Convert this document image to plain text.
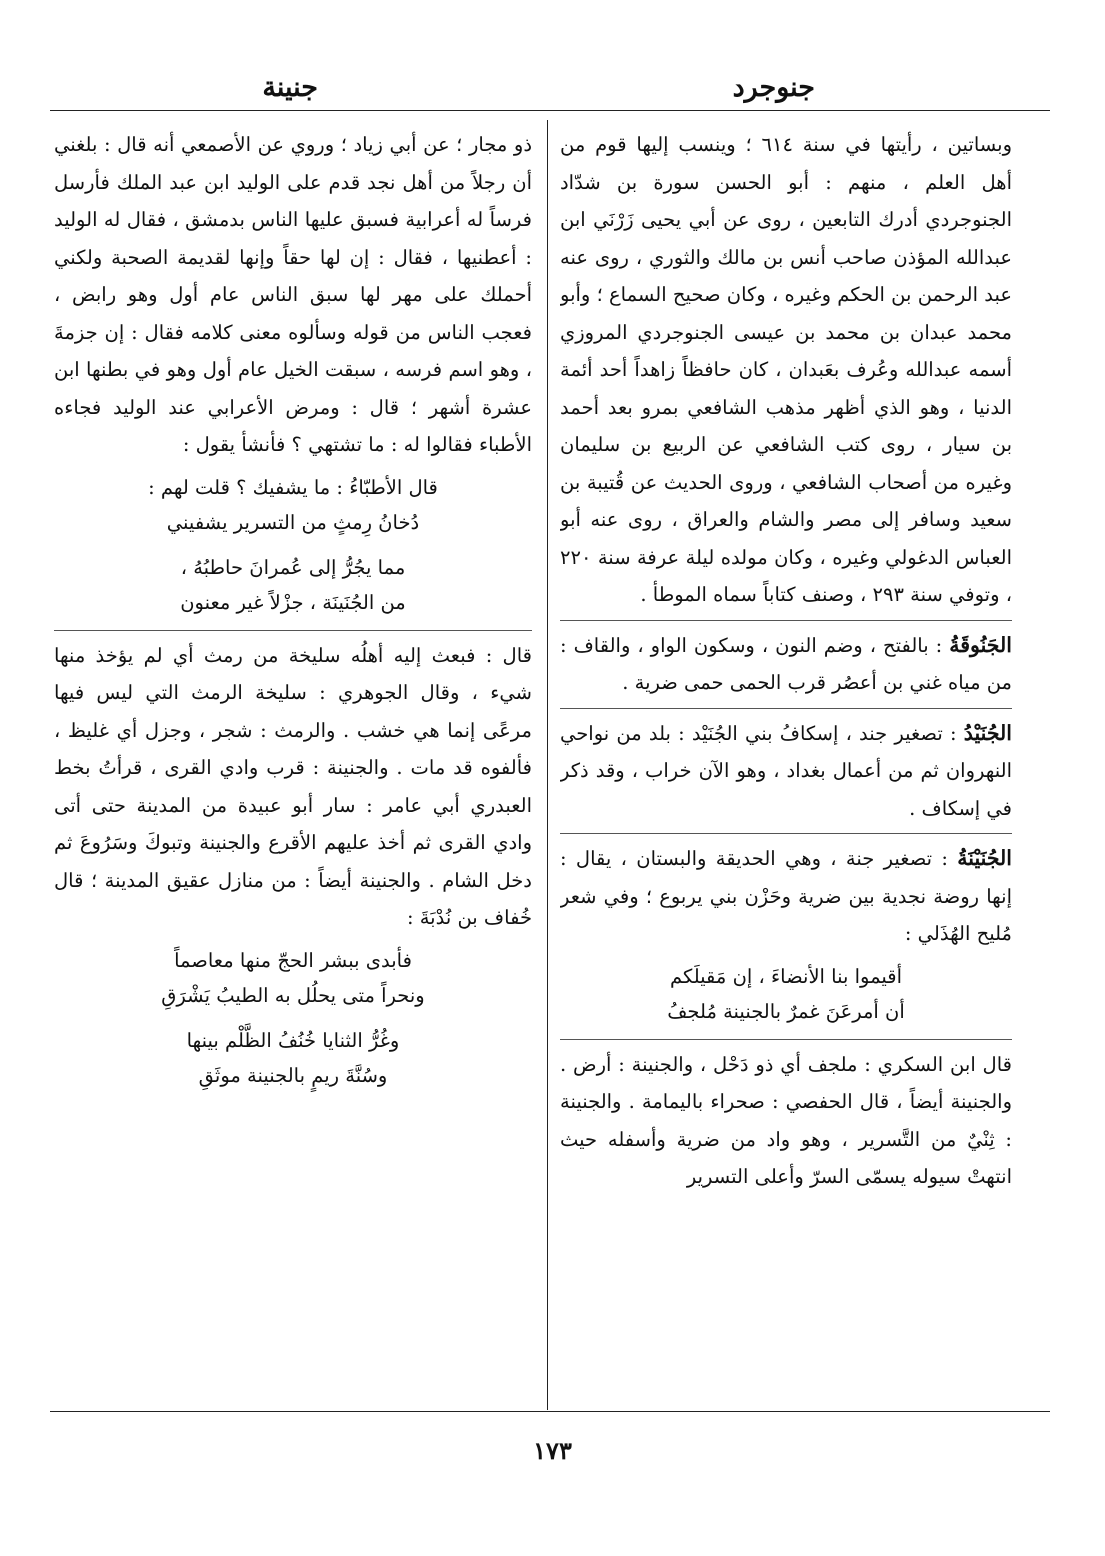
جنوجرد
جنينة

وبساتين ، رأيتها في سنة ٦١٤ ؛ وينسب إليها قوم من أهل العلم ، منهم : أبو الحسن سورة بن شدّاد الجنوجردي أدرك التابعين ، روى عن أبي يحيى زَرْنَي ابن عبدالله المؤذن صاحب أنس بن مالك والثوري ، روى عنه عبد الرحمن بن الحكم وغيره ، وكان صحيح السماع ؛ وأبو محمد عبدان بن محمد بن عيسى الجنوجردي المروزي أسمه عبدالله وعُرف بعَبدان ، كان حافظاً زاهداً أحد أئمة الدنيا ، وهو الذي أظهر مذهب الشافعي بمرو بعد أحمد بن سيار ، روى كتب الشافعي عن الربيع بن سليمان وغيره من أصحاب الشافعي ، وروى الحديث عن قُتيبة بن سعيد وسافر إلى مصر والشام والعراق ، روى عنه أبو العباس الدغولي وغيره ، وكان مولده ليلة عرفة سنة ٢٢٠ ، وتوفي سنة ٢٩٣ ، وصنف كتاباً سماه الموطأ .

الجَنُوقَةُ : بالفتح ، وضم النون ، وسكون الواو ، والقاف : من مياه غني بن أعصُر قرب الحمى حمى ضرية .

الجُنَيْدُ : تصغير جند ، إسكافُ بني الجُنَيْد : بلد من نواحي النهروان ثم من أعمال بغداد ، وهو الآن خراب ، وقد ذكر في إسكاف .

الجُنَيْنَةُ : تصغير جنة ، وهي الحديقة والبستان ، يقال : إنها روضة نجدية بين ضرية وحَزْن بني يربوع ؛ وفي شعر مُليح الهُذَلي :

أقيموا بنا الأنضاءَ ، إن مَقيلَكم
أن أمرعَنَ غمرٌ بالجنينة مُلجفُ

قال ابن السكري : ملجف أي ذو دَحْل ، والجنينة : أرض . والجنينة أيضاً ، قال الحفصي : صحراء باليمامة . والجنينة : ثِنْيٌ من التَّسرير ، وهو واد من ضرية وأسفله حيث انتهتْ سيوله يسمّى السرّ وأعلى التسرير

ذو مجار ؛ عن أبي زياد ؛ وروي عن الأصمعي أنه قال : بلغني أن رجلاً من أهل نجد قدم على الوليد ابن عبد الملك فأرسل فرساً له أعرابية فسبق عليها الناس بدمشق ، فقال له الوليد : أعطنيها ، فقال : إن لها حقاً وإنها لقديمة الصحبة ولكني أحملك على مهر لها سبق الناس عام أول وهو رابض ، فعجب الناس من قوله وسألوه معنى كلامه فقال : إن جزمةَ ، وهو اسم فرسه ، سبقت الخيل عام أول وهو في بطنها ابن عشرة أشهر ؛ قال : ومرض الأعرابي عند الوليد فجاءه الأطباء فقالوا له : ما تشتهي ؟ فأنشأ يقول :

قال الأطبّاءُ : ما يشفيك ؟ قلت لهم :
دُخانُ رِمثٍ من التسرير يشفيني
مما يجُرُّ إلى عُمرانَ حاطبُهُ ،
من الجُنَينَة ، جزْلاً غير معنون

قال : فبعث إليه أهلُه سليخة من رمث أي لم يؤخذ منها شيء ، وقال الجوهري : سليخة الرمث التي ليس فيها مرعًى إنما هي خشب . والرمث : شجر ، وجزل أي غليظ ، فألفوه قد مات . والجنينة : قرب وادي القرى ، قرأتُ بخط العبدري أبي عامر : سار أبو عبيدة من المدينة حتى أتى وادي القرى ثم أخذ عليهم الأقرع والجنينة وتبوكَ وسَرُوعَ ثم دخل الشام . والجنينة أيضاً : من منازل عقيق المدينة ؛ قال خُفاف بن نُدْبَةَ :

فأبدى ببشر الحجّ منها معاصماً
ونحراً متى يحلُل به الطيبُ يَشْرَقِ
وغُرُّ الثنايا خُنُفُ الظَّلْم بينها
وسُنَّةَ ريمٍ بالجنينة موثَقِ
١٧٣
